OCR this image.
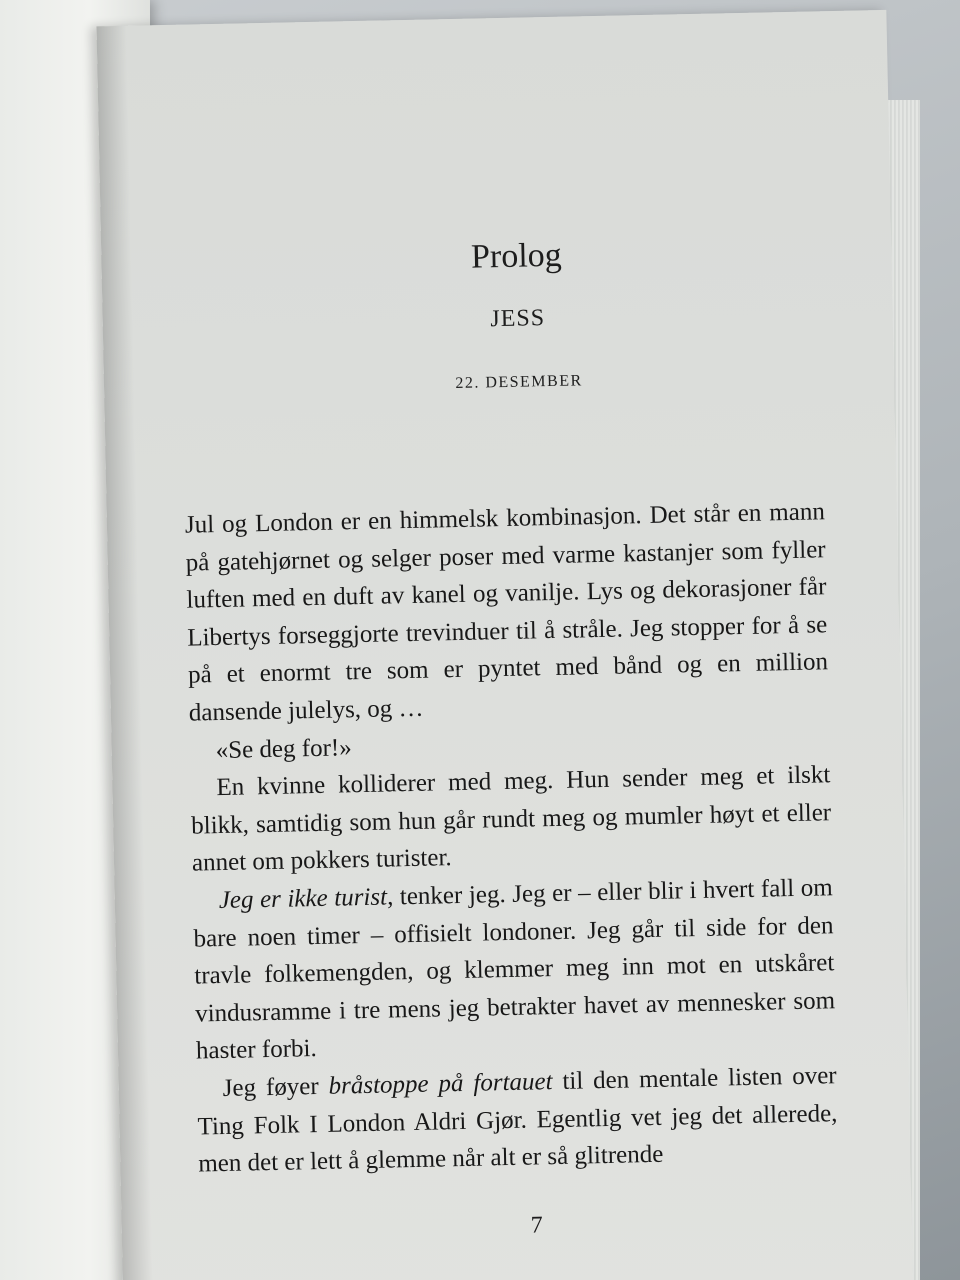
Prolog
JESS
22. DESEMBER

Jul og London er en himmelsk kombinasjon. Det står en mann på gatehjørnet og selger poser med varme kastanjer som fyller luften med en duft av kanel og vanilje. Lys og dekorasjoner får Libertys forseggjorte trevinduer til å stråle. Jeg stopper for å se på et enormt tre som er pyntet med bånd og en million dansende julelys, og …

«Se deg for!»

En kvinne kolliderer med meg. Hun sender meg et ilskt blikk, samtidig som hun går rundt meg og mumler høyt et eller annet om pokkers turister.

Jeg er ikke turist, tenker jeg. Jeg er – eller blir i hvert fall om bare noen timer – offisielt londoner. Jeg går til side for den travle folkemengden, og klemmer meg inn mot en utskåret vindusramme i tre mens jeg betrakter havet av mennesker som haster forbi.

Jeg føyer bråstoppe på fortauet til den mentale listen over Ting Folk I London Aldri Gjør. Egentlig vet jeg det allerede, men det er lett å glemme når alt er så glitrende

7
